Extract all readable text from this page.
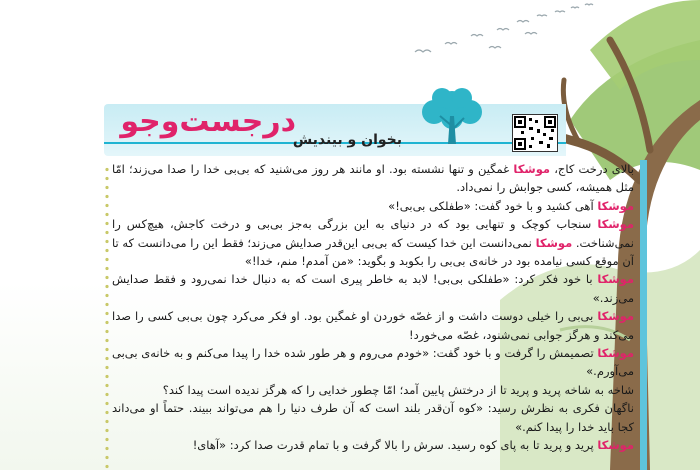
درجست‌وجو
بخوان و بیندیش

بالای درخت کاج، موشکا غمگین و تنها نشسته بود. او مانند هر روز می‌شنید که بی‌بی خدا را صدا می‌زند؛ امّا مثل همیشه، کسی جوابش را نمی‌داد.

موشکا آهی کشید و با خود گفت: «طفلکی بی‌بی!»

موشکا سنجاب کوچک و تنهایی بود که در دنیای به این بزرگی به‌جز بی‌بی و درخت کاجش، هیچ‌کس را نمی‌شناخت. موشکا نمی‌دانست این خدا کیست که بی‌بی این‌قدر صدایش می‌زند؛ فقط این را می‌دانست که تا آن موقع کسی نیامده بود در خانه‌ی بی‌بی را بکوبد و بگوید: «من آمدم! منم، خدا!»

موشکا با خود فکر کرد: «طفلکی بی‌بی! لابد به خاطر پیری است که به دنبال خدا نمی‌رود و فقط صدایش می‌زند.»

موشکا بی‌بی را خیلی دوست داشت و از غصّه خوردن او غمگین بود. او فکر می‌کرد چون بی‌بی کسی را صدا می‌کند و هرگز جوابی نمی‌شنود، غصّه می‌خورد!

موشکا تصمیمش را گرفت و با خود گفت: «خودم می‌روم و هر طور شده خدا را پیدا می‌کنم و به خانه‌ی بی‌بی می‌آورم.»

شاخه به شاخه پرید و پرید تا از درختش پایین آمد؛ امّا چطور خدایی را که هرگز ندیده است پیدا کند؟

ناگهان فکری به نظرش رسید: «کوه آن‌قدر بلند است که آن طرف دنیا را هم می‌تواند ببیند. حتماً او می‌داند کجا باید خدا را پیدا کنم.»

موشکا پرید و پرید تا به پای کوه رسید. سرش را بالا گرفت و با تمام قدرت صدا کرد: «آهای!
